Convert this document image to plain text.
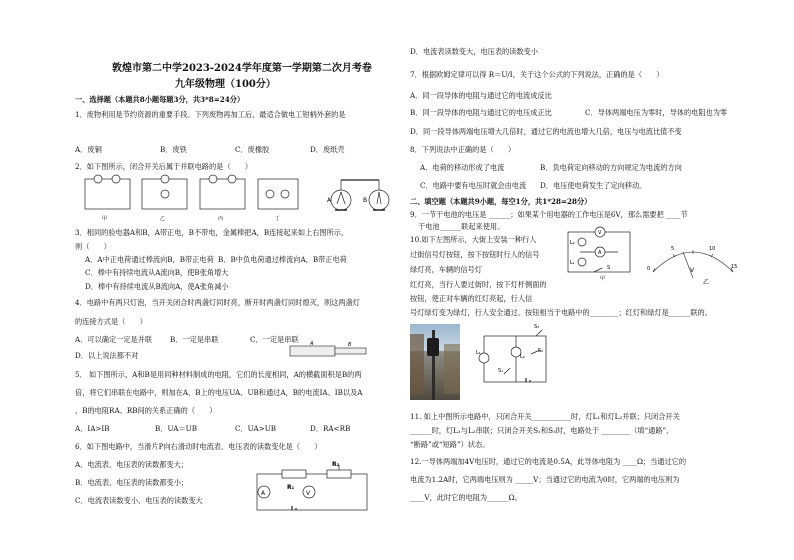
敦煌市第二中学2023-2024学年度第一学期第二次月考卷
九年级物理（100分）
一、选择题（本题共8小题每题3分，共3*8=24分）
1．废物利用是节约资源的重要手段。下列废物再加工后，最适合做电工钳柄外套的是
A．废铜	B．废铁	C．废橡胶	D．废纸壳
2．如下图所示，闭合开关后属于并联电路的是（　　）
甲	乙	丙	丁
A	B
3．相同的验电器A和B，A带正电，B不带电，金属棒把A，B连接起来如上右图所示，
则（　　）
A．A中正电荷通过棒流向B，B带正电荷 B．B中负电荷通过棒流向A，B带正电荷
C．棒中有持续电流从A流向B，使B张角增大
D．棒中有持续电流从B流向A，使A张角减小
4．电路中有两只灯泡，当开关闭合时两盏灯同时亮，断开时两盏灯同时熄灭，则这两盏灯
的连接方式是（　　）
A．可以确定一定是并联 B．一定是串联	C．一定是串联
D．以上说法都不对
A	B
5． 如下图所示，A和B是用同种材料制成的电阻，它们的长度相同，A的横截面积是B的两
倍，将它们串联在电路中，则加在A，B上的电压UA、UB和通过A，B的电流IA、IB以及A
，B的电阻RA、RB间的关系正确的（　　）
A．IA>IB	B．UA＝UB	C．UA>UB	D．RA<RB
6．如下图电路中，当滑片P向右滑动时电流表、电压表的读数变化是（　　）
A．电流表、电压表的读数都变大；
B．电流表、电压表的读数都变小；
C．电流表读数变小、电压表的读数变大
R₂
R₁
A	V
D．电流表读数变大，电压表的读数变小
7．根据欧姆定律可以得 R＝U/I，关于这个公式的下列说法，正确的是（　　）
A．同一段导体的电阻与通过它的电流成反比
B．同一段导体的电阻与通过它的电压成正比	C．导体两端电压为零时，导体的电阻也为零
D．同一段导体两端电压增大几倍时，通过它的电流也增大几倍，电压与电流比值不变
8．下列说法中正确的是（　　）
A．电荷的移动形成了电流	B．负电荷定向移动的方向规定为电流的方向
C．电路中要有电压时就会由电流 D．电压使电荷发生了定向移动。
二、填空题（本题共9小题，每空1分，共1*28=28分）
9．一节干电池的电压是 ______；如果某个用电器的工作电压是6V，那么需要把 ____节
干电池______联起来使用。
10.如下左图所示，大街上安装一种行人
过街信号灯按钮，按下按钮时行人的信号
绿灯亮，车辆的信号灯
红灯亮，当行人要过街时，按下灯杆侧面的
按钮，使正对车辆的红灯亮起，行人信
号灯绿灯变为绿灯，行人安全通过。按钮相当于电路中的________；红灯和绿灯是______联的。
L₂
L₁
S
V
A
甲
0
5	10
15
V
乙
S₃
S₂
L₁
L₂
S₁
11. 如上中图所示电路中，只闭合开关___________时，灯L₁和灯L₂并联；只闭合开关
______时，灯L₁与L₂串联；只闭合开关S₁和S₃时，电路处于 ________（填“通路”、
“断路”或“短路”）状态。
12.一导体两端加4V电压时，通过它的电流是0.5A，此导体电阻为 ____Ω；当通过它的
电流为1.2A时，它两端电压则为 _____V；当通过它的电流为0时，它两端的电压则为
____V，此时它的电阻为______Ω。
